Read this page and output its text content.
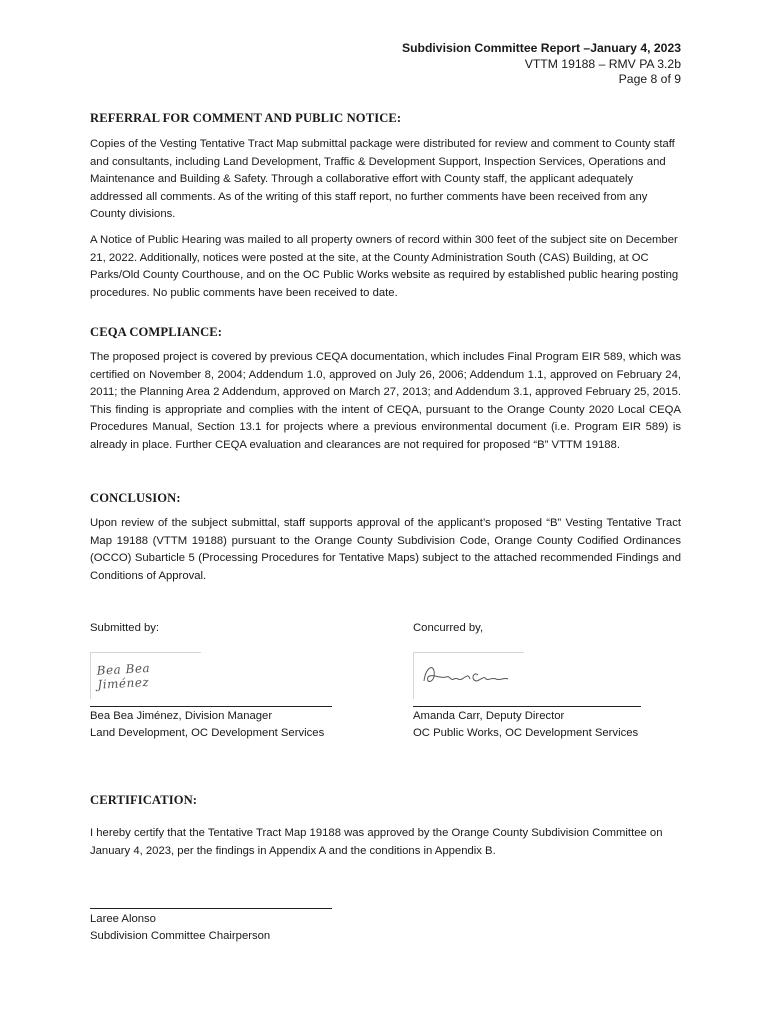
Subdivision Committee Report –January 4, 2023
VTTM 19188 – RMV PA 3.2b
Page 8 of 9
REFERRAL FOR COMMENT AND PUBLIC NOTICE:

Copies of the Vesting Tentative Tract Map submittal package were distributed for review and comment to County staff and consultants, including Land Development, Traffic & Development Support, Inspection Services, Operations and Maintenance and Building & Safety. Through a collaborative effort with County staff, the applicant adequately addressed all comments. As of the writing of this staff report, no further comments have been received from any County divisions.

A Notice of Public Hearing was mailed to all property owners of record within 300 feet of the subject site on December 21, 2022. Additionally, notices were posted at the site, at the County Administration South (CAS) Building, at OC Parks/Old County Courthouse, and on the OC Public Works website as required by established public hearing posting procedures. No public comments have been received to date.

CEQA COMPLIANCE:

The proposed project is covered by previous CEQA documentation, which includes Final Program EIR 589, which was certified on November 8, 2004; Addendum 1.0, approved on July 26, 2006; Addendum 1.1, approved on February 24, 2011; the Planning Area 2 Addendum, approved on March 27, 2013; and Addendum 3.1, approved February 25, 2015. This finding is appropriate and complies with the intent of CEQA, pursuant to the Orange County 2020 Local CEQA Procedures Manual, Section 13.1 for projects where a previous environmental document (i.e. Program EIR 589) is already in place. Further CEQA evaluation and clearances are not required for proposed “B” VTTM 19188.

CONCLUSION:

Upon review of the subject submittal, staff supports approval of the applicant’s proposed “B” Vesting Tentative Tract Map 19188 (VTTM 19188) pursuant to the Orange County Subdivision Code, Orange County Codified Ordinances (OCCO) Subarticle 5 (Processing Procedures for Tentative Maps) subject to the attached recommended Findings and Conditions of Approval.

Submitted by:	Concurred by,
Bea Bea Jiménez
Bea Bea Jiménez, Division Manager
Land Development, OC Development Services
Amanda Carr, Deputy Director
OC Public Works, OC Development Services
CERTIFICATION:

I hereby certify that the Tentative Tract Map 19188 was approved by the Orange County Subdivision Committee on January 4, 2023, per the findings in Appendix A and the conditions in Appendix B.

Laree Alonso
Subdivision Committee Chairperson
